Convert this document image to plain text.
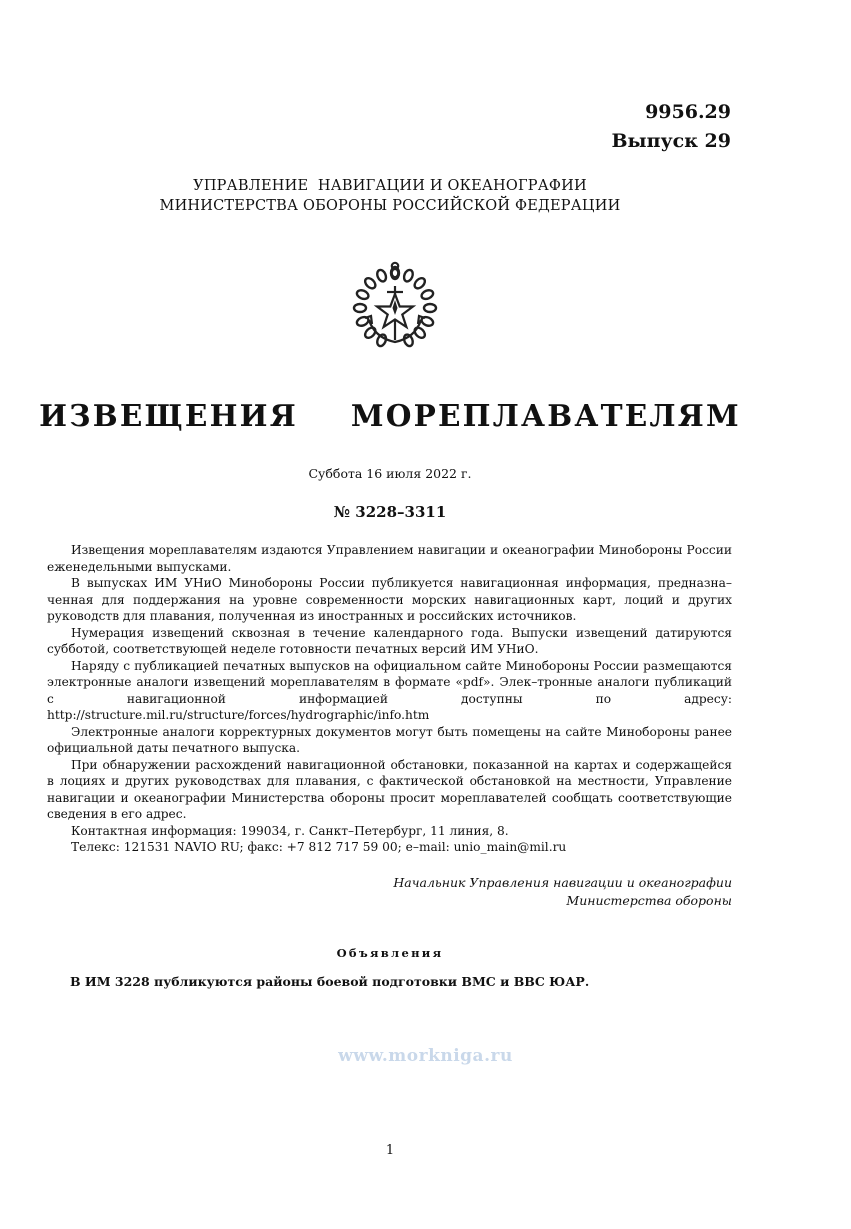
9956.29
Выпуск 29
УПРАВЛЕНИЕ  НАВИГАЦИИ И ОКЕАНОГРАФИИ
МИНИСТЕРСТВА ОБОРОНЫ РОССИЙСКОЙ ФЕДЕРАЦИИ
ИЗВЕЩЕНИЯ  МОРЕПЛАВАТЕЛЯМ
Суббота 16 июля 2022 г.
№ 3228–3311

Извещения мореплавателям издаются Управлением навигации и океанографии Минобороны России еженедельными выпусками.

В выпусках ИМ УНиО Минобороны России публикуется навигационная информация, предназна–ченная для поддержания на уровне современности морских навигационных карт, лоций и других руководств для плавания, полученная из иностранных и российских источников.

Нумерация извещений сквозная в течение календарного года. Выпуски извещений датируются субботой, соответствующей неделе готовности печатных версий ИМ УНиО.

Наряду с публикацией печатных выпусков на официальном сайте Минобороны России размещаются электронные аналоги извещений мореплавателям в формате «pdf». Элек–тронные аналоги публикаций с навигационной информацией доступны по адресу: http://structure.mil.ru/structure/forces/hydrographic/info.htm

Электронные аналоги корректурных документов могут быть помещены на сайте Минобороны ранее официальной даты печатного выпуска.

При обнаружении расхождений навигационной обстановки, показанной на картах и содержащейся в лоциях и других руководствах для плавания, с фактической обстановкой на местности, Управление навигации и океанографии Министерства обороны просит мореплавателей сообщать соответствующие сведения в его адрес.

Контактная информация: 199034, г. Санкт–Петербург, 11 линия, 8.

Телекс: 121531 NAVIO RU; факс: +7 812 717 59 00; e–mail: unio_main@mil.ru

Начальник Управления навигации и океанографии
Министерства обороны
Объявления
В ИМ 3228 публикуются районы боевой подготовки ВМС и ВВС ЮАР.
www.morkniga.ru
1
